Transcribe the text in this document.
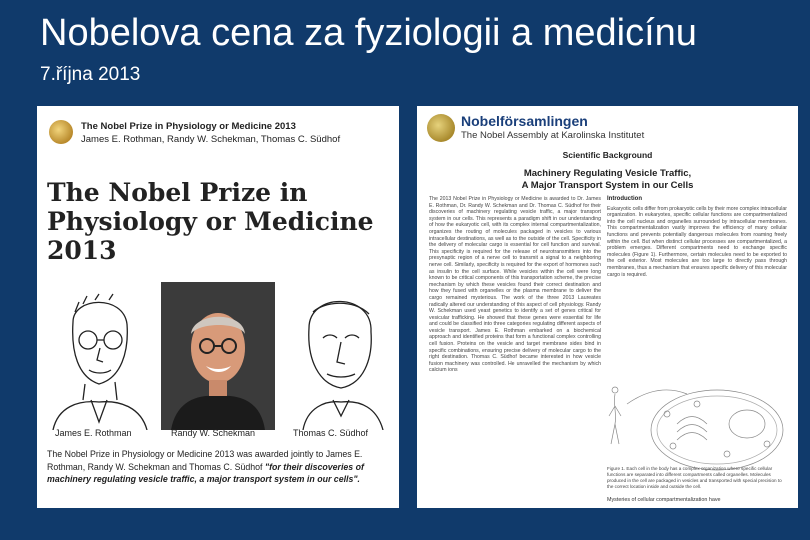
Nobelova cena za fyziologii a medicínu
7.října 2013
The Nobel Prize in Physiology or Medicine 2013
James E. Rothman, Randy W. Schekman, Thomas C. Südhof
The Nobel Prize in Physiology or Medicine 2013
James E. Rothman	Randy W. Schekman	Thomas C. Südhof
The Nobel Prize in Physiology or Medicine 2013 was awarded jointly to James E. Rothman, Randy W. Schekman and Thomas C. Südhof "for their discoveries of machinery regulating vesicle traffic, a major transport system in our cells".
Nobelförsamlingen
The Nobel Assembly at Karolinska Institutet
Scientific Background
Machinery Regulating Vesicle Traffic,
A Major Transport System in our Cells
The 2013 Nobel Prize in Physiology or Medicine is awarded to Dr. James E. Rothman, Dr. Randy W. Schekman and Dr. Thomas C. Südhof for their discoveries of machinery regulating vesicle traffic, a major transport system in our cells. This represents a paradigm shift in our understanding of how the eukaryotic cell, with its complex internal compartmentalization, organizes the routing of molecules packaged in vesicles to various intracellular destinations, as well as to the outside of the cell. Specificity in the delivery of molecular cargo is essential for cell function and survival. This specificity is required for the release of neurotransmitters into the presynaptic region of a nerve cell to transmit a signal to a neighboring nerve cell. Similarly, specificity is required for the export of hormones such as insulin to the cell surface. While vesicles within the cell were long known to be critical components of this transportation scheme, the precise mechanism by which these vesicles found their correct destination and how they fused with organelles or the plasma membrane to deliver the cargo remained mysterious. The work of the three 2013 Laureates radically altered our understanding of this aspect of cell physiology. Randy W. Schekman used yeast genetics to identify a set of genes critical for vesicular trafficking. He showed that these genes were essential for life and could be classified into three categories regulating different aspects of vesicle transport. James E. Rothman embarked on a biochemical approach and identified proteins that form a functional complex controlling cell fusion. Proteins on the vesicle and target membrane sides bind in specific combinations, ensuring precise delivery of molecular cargo to the right destination. Thomas C. Südhof became interested in how vesicle fusion machinery was controlled. He unravelled the mechanism by which calcium ions
Introduction
Eukaryotic cells differ from prokaryotic cells by their more complex intracellular organization. In eukaryotes, specific cellular functions are compartmentalized into the cell nucleus and organelles surrounded by intracellular membranes. This compartmentalization vastly improves the efficiency of many cellular functions and prevents potentially dangerous molecules from roaming freely within the cell. But when distinct cellular processes are compartmentalized, a problem emerges. Different compartments need to exchange specific molecules (Figure 1). Furthermore, certain molecules need to be exported to the cell exterior. Most molecules are too large to directly pass through membranes, thus a mechanism that ensures specific delivery of this molecular cargo is required.
Figure 1. Each cell in the body has a complex organization where specific cellular functions are separated into different compartments called organelles. Molecules produced in the cell are packaged in vesicles and transported with special precision to the correct location inside and outside the cell.
Mysteries of cellular compartmentalization have
